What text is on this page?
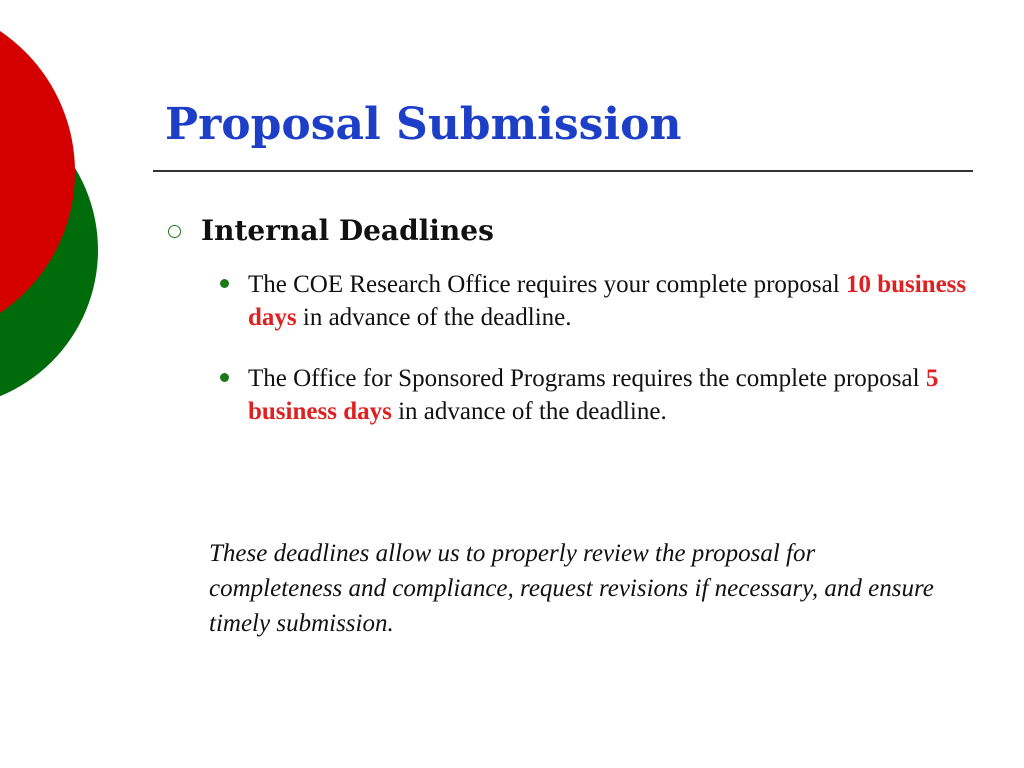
Proposal Submission
Internal Deadlines
The COE Research Office requires your complete proposal 10 business days in advance of the deadline.
The Office for Sponsored Programs requires the complete proposal 5 business days in advance of the deadline.

These deadlines allow us to properly review the proposal for completeness and compliance, request revisions if necessary, and ensure timely submission.
